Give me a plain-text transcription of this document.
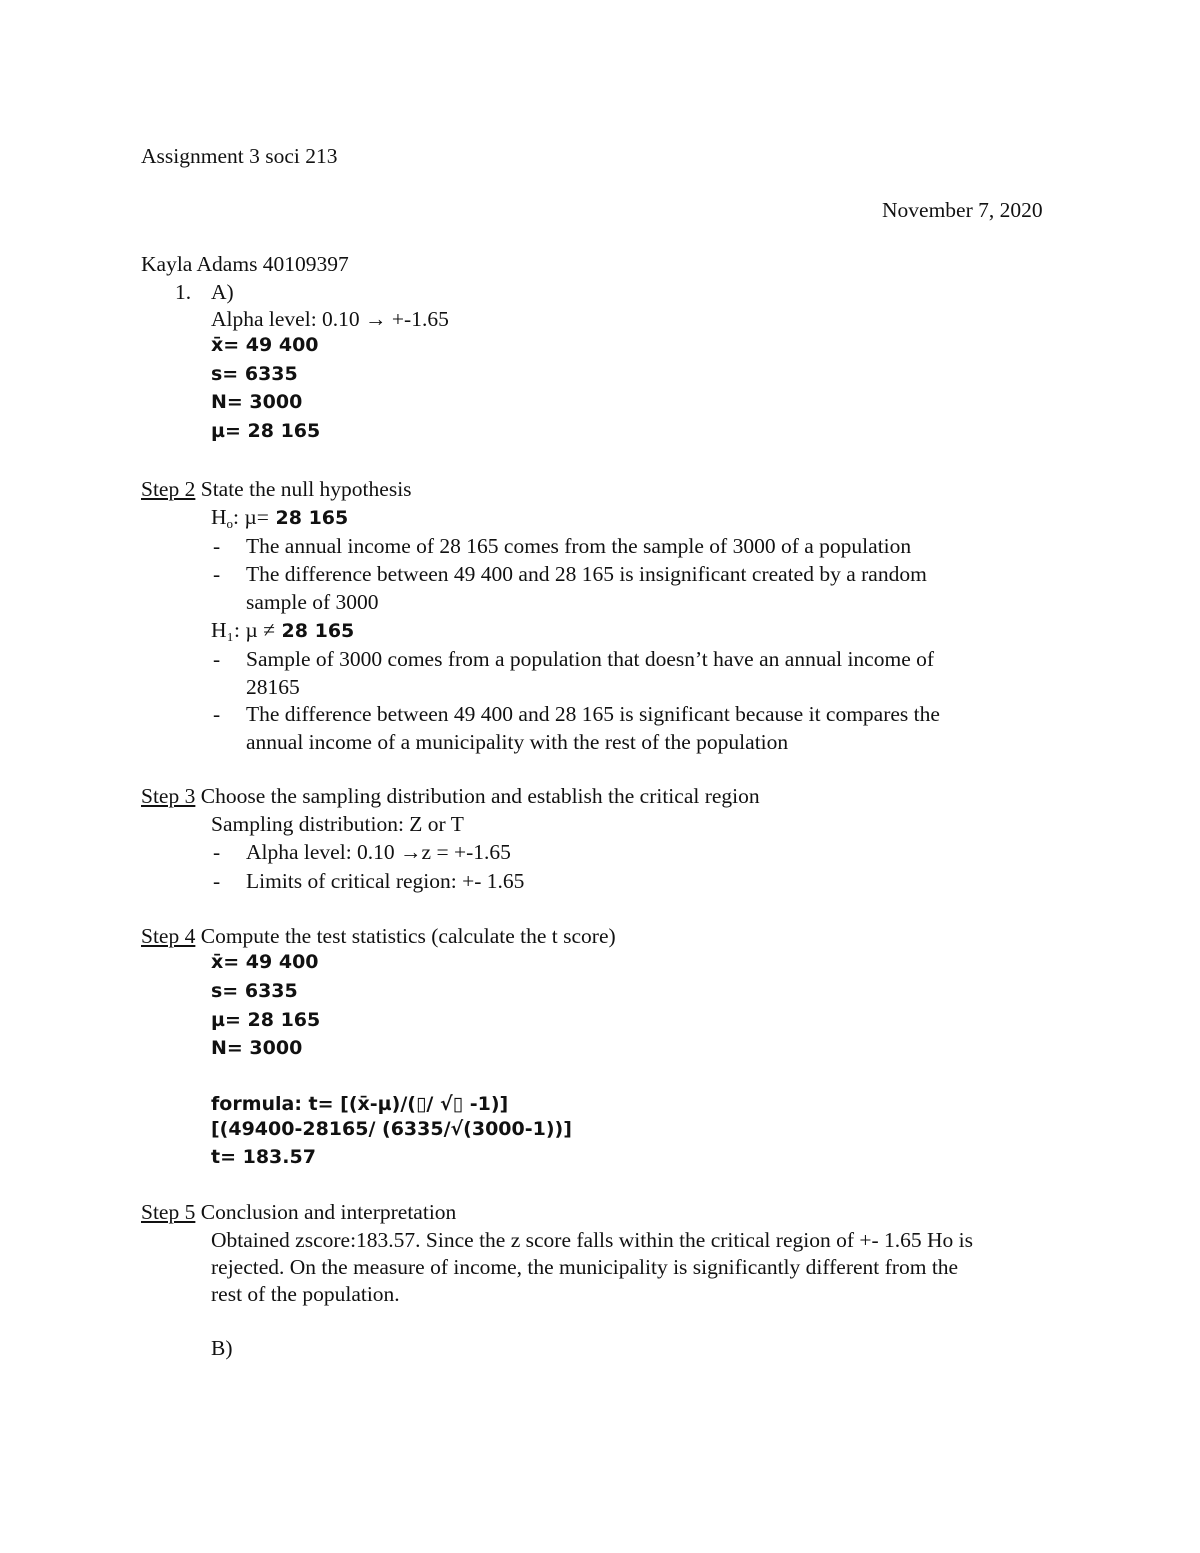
Assignment 3 soci 213
November 7, 2020
Kayla Adams 40109397
1. A)
Alpha level: 0.10 → +-1.65
x̄= 49 400
s= 6335
N= 3000
µ= 28 165
Step 2 State the null hypothesis
$H_o$: µ= 28 165
- The annual income of 28 165 comes from the sample of 3000 of a population
- The difference between 49 400 and 28 165 is insignificant created by a random
sample of 3000
H₁: µ ≠ 28 165
- Sample of 3000 comes from a population that doesn’t have an annual income of
28165
- The difference between 49 400 and 28 165 is significant because it compares the
annual income of a municipality with the rest of the population
Step 3 Choose the sampling distribution and establish the critical region
Sampling distribution: Z or T
- Alpha level: 0.10 →z = +-1.65
- Limits of critical region: +- 1.65
Step 4 Compute the test statistics (calculate the t score)
x̄= 49 400
s= 6335
µ= 28 165
N= 3000
formula: t= [(x̄-µ)/(▯/ √▯ -1)]
[(49400-28165/ (6335/√(3000-1))]
t= 183.57
Step 5 Conclusion and interpretation
Obtained zscore:183.57. Since the z score falls within the critical region of +- 1.65 Ho is
rejected. On the measure of income, the municipality is significantly different from the
rest of the population.
B)
